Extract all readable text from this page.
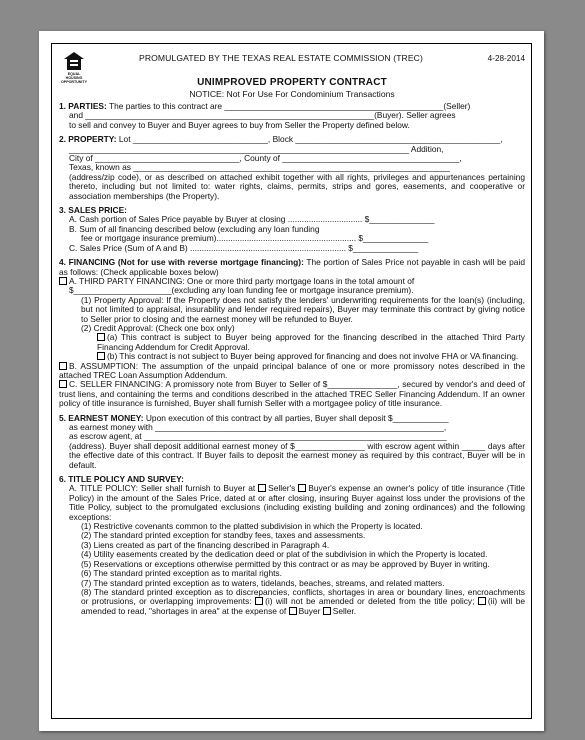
EQUAL HOUSING OPPORTUNITY
PROMULGATED BY THE TEXAS REAL ESTATE COMMISSION (TREC)	4-28-2014
UNIMPROVED PROPERTY CONTRACT
NOTICE: Not For Use For Condominium Transactions

1. PARTIES: The parties to this contract are _______________________________________________(Seller)

and ______________________________________________________________(Buyer). Seller agrees

to sell and convey to Buyer and Buyer agrees to buy from Seller the Property defined below.

2. PROPERTY: Lot _____________________________, Block ____________________________________________,

_________________________________________________________________________ Addition,

City of _______________________________, County of ______________________________________,

Texas, known as ____________________________________________________________________

(address/zip code), or as described on attached exhibit together with all rights, privileges and appurtenances pertaining thereto, including but not limited to: water rights, claims, permits, strips and gores, easements, and cooperative or association memberships (the Property).

3. SALES PRICE:

A. Cash portion of Sales Price payable by Buyer at closing ................................ $______________

B. Sum of all financing described below (excluding any loan funding

fee or mortgage insurance premium)............................................................ $______________

C. Sales Price (Sum of A and B) ................................................................... $______________

4. FINANCING (Not for use with reverse mortgage financing): The portion of Sales Price not payable in cash will be paid as follows: (Check applicable boxes below)

A. THIRD PARTY FINANCING: One or more third party mortgage loans in the total amount of

$_____________________(excluding any loan funding fee or mortgage insurance premium).

(1) Property Approval: If the Property does not satisfy the lenders' underwriting requirements for the loan(s) (including, but not limited to appraisal, insurability and lender required repairs), Buyer may terminate this contract by giving notice to Seller prior to closing and the earnest money will be refunded to Buyer.

(2) Credit Approval: (Check one box only)

(a) This contract is subject to Buyer being approved for the financing described in the attached Third Party Financing Addendum for Credit Approval.

(b) This contract is not subject to Buyer being approved for financing and does not involve FHA or VA financing.

B. ASSUMPTION: The assumption of the unpaid principal balance of one or more promissory notes described in the attached TREC Loan Assumption Addendum.

C. SELLER FINANCING: A promissory note from Buyer to Seller of $_______________, secured by vendor's and deed of trust liens, and containing the terms and conditions described in the attached TREC Seller Financing Addendum. If an owner policy of title insurance is furnished, Buyer shall furnish Seller with a mortgagee policy of title insurance.

5. EARNEST MONEY: Upon execution of this contract by all parties, Buyer shall deposit $____________

as earnest money with ______________________________________________________________,

as escrow agent, at _________________________________________________________________

(address). Buyer shall deposit additional earnest money of $_______________ with escrow agent within _____ days after the effective date of this contract. If Buyer fails to deposit the earnest money as required by this contract, Buyer will be in default.

6. TITLE POLICY AND SURVEY:

A. TITLE POLICY: Seller shall furnish to Buyer at Seller's Buyer's expense an owner's policy of title insurance (Title Policy) in the amount of the Sales Price, dated at or after closing, insuring Buyer against loss under the provisions of the Title Policy, subject to the promulgated exclusions (including existing building and zoning ordinances) and the following exceptions:

(1) Restrictive covenants common to the platted subdivision in which the Property is located.

(2) The standard printed exception for standby fees, taxes and assessments.

(3) Liens created as part of the financing described in Paragraph 4.

(4) Utility easements created by the dedication deed or plat of the subdivision in which the Property is located.

(5) Reservations or exceptions otherwise permitted by this contract or as may be approved by Buyer in writing.

(6) The standard printed exception as to marital rights.

(7) The standard printed exception as to waters, tidelands, beaches, streams, and related matters.

(8) The standard printed exception as to discrepancies, conflicts, shortages in area or boundary lines, encroachments or protrusions, or overlapping improvements: (i) will not be amended or deleted from the title policy; (ii) will be amended to read, "shortages in area" at the expense of Buyer Seller.
